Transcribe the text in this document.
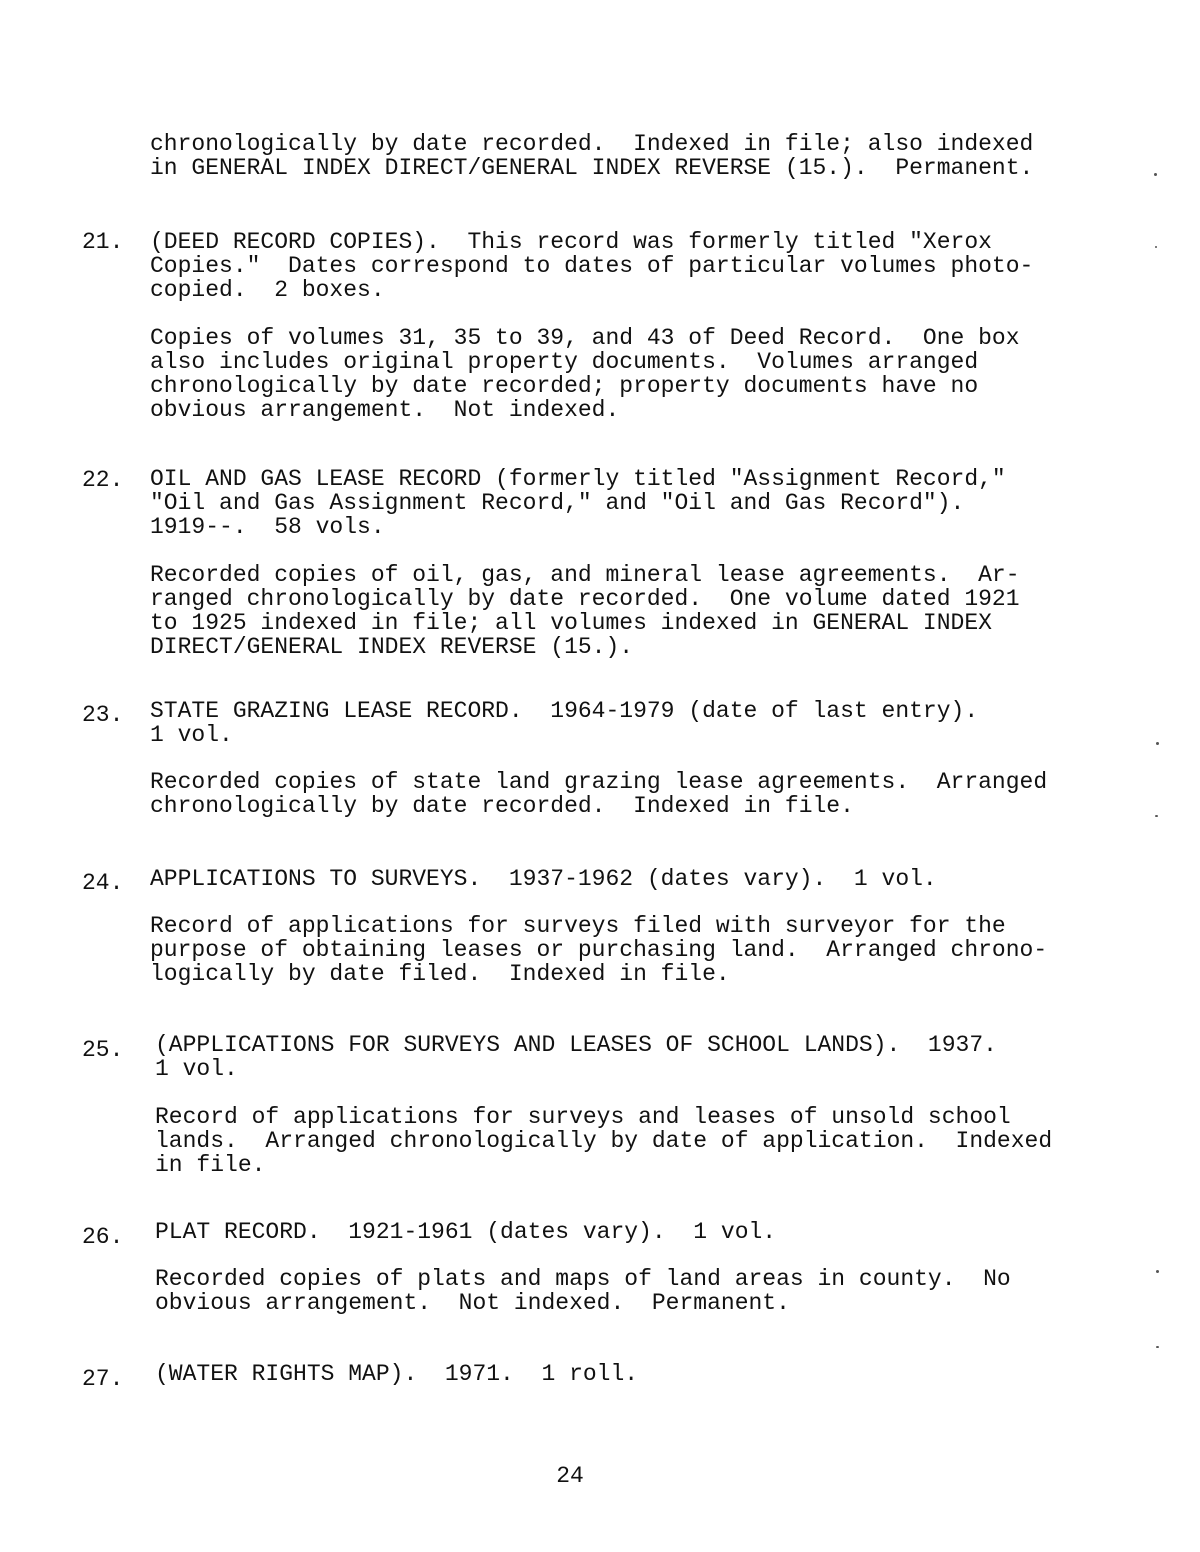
chronologically by date recorded.  Indexed in file; also indexed
in GENERAL INDEX DIRECT/GENERAL INDEX REVERSE (15.).  Permanent.
21. (DEED RECORD COPIES).  This record was formerly titled "Xerox
Copies."  Dates correspond to dates of particular volumes photo-
copied.  2 boxes.
Copies of volumes 31, 35 to 39, and 43 of Deed Record.  One box
also includes original property documents.  Volumes arranged
chronologically by date recorded; property documents have no
obvious arrangement.  Not indexed.
22. OIL AND GAS LEASE RECORD (formerly titled "Assignment Record,"
"Oil and Gas Assignment Record," and "Oil and Gas Record").
1919--.  58 vols.
Recorded copies of oil, gas, and mineral lease agreements.  Ar-
ranged chronologically by date recorded.  One volume dated 1921
to 1925 indexed in file; all volumes indexed in GENERAL INDEX
DIRECT/GENERAL INDEX REVERSE (15.).
23. STATE GRAZING LEASE RECORD.  1964-1979 (date of last entry).
1 vol.
Recorded copies of state land grazing lease agreements.  Arranged
chronologically by date recorded.  Indexed in file.
24. APPLICATIONS TO SURVEYS.  1937-1962 (dates vary).  1 vol.
Record of applications for surveys filed with surveyor for the
purpose of obtaining leases or purchasing land.  Arranged chrono-
logically by date filed.  Indexed in file.
25. (APPLICATIONS FOR SURVEYS AND LEASES OF SCHOOL LANDS).  1937.
1 vol.
Record of applications for surveys and leases of unsold school
lands.  Arranged chronologically by date of application.  Indexed
in file.
26. PLAT RECORD.  1921-1961 (dates vary).  1 vol.
Recorded copies of plats and maps of land areas in county.  No
obvious arrangement.  Not indexed.  Permanent.
27. (WATER RIGHTS MAP).  1971.  1 roll.
24
